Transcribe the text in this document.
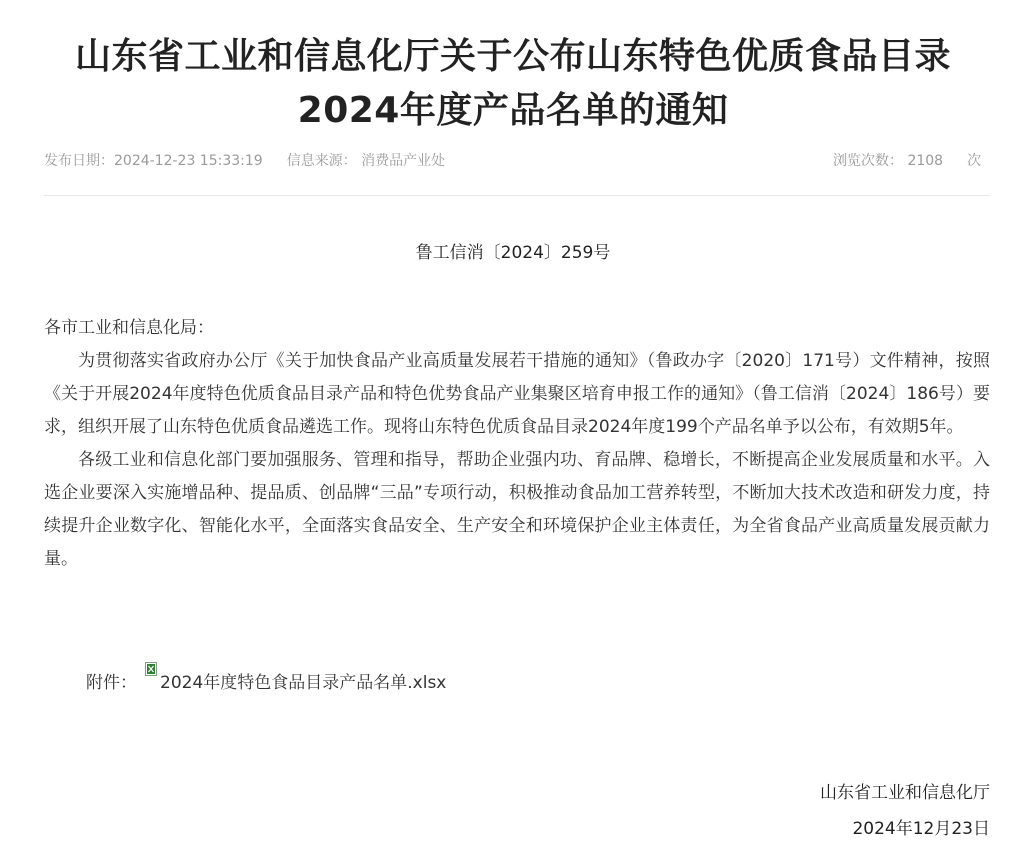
山东省工业和信息化厅关于公布山东特色优质食品目录
2024年度产品名单的通知
发布日期：2024-12-23 15:33:19 信息来源： 消费品产业处	浏览次数： 2108 次
鲁工信消〔2024〕259号

各市工业和信息化局：

为贯彻落实省政府办公厅《关于加快食品产业高质量发展若干措施的通知》（鲁政办字〔2020〕171号）文件精神，按照《关于开展2024年度特色优质食品目录产品和特色优势食品产业集聚区培育申报工作的通知》（鲁工信消〔2024〕186号）要求，组织开展了山东特色优质食品遴选工作。现将山东特色优质食品目录2024年度199个产品名单予以公布，有效期5年。

各级工业和信息化部门要加强服务、管理和指导，帮助企业强内功、育品牌、稳增长，不断提高企业发展质量和水平。入选企业要深入实施增品种、提品质、创品牌“三品”专项行动，积极推动食品加工营养转型，不断加大技术改造和研发力度，持续提升企业数字化、智能化水平，全面落实食品安全、生产安全和环境保护企业主体责任，为全省食品产业高质量发展贡献力量。

附件： 2024年度特色食品目录产品名单.xlsx
山东省工业和信息化厅
2024年12月23日
